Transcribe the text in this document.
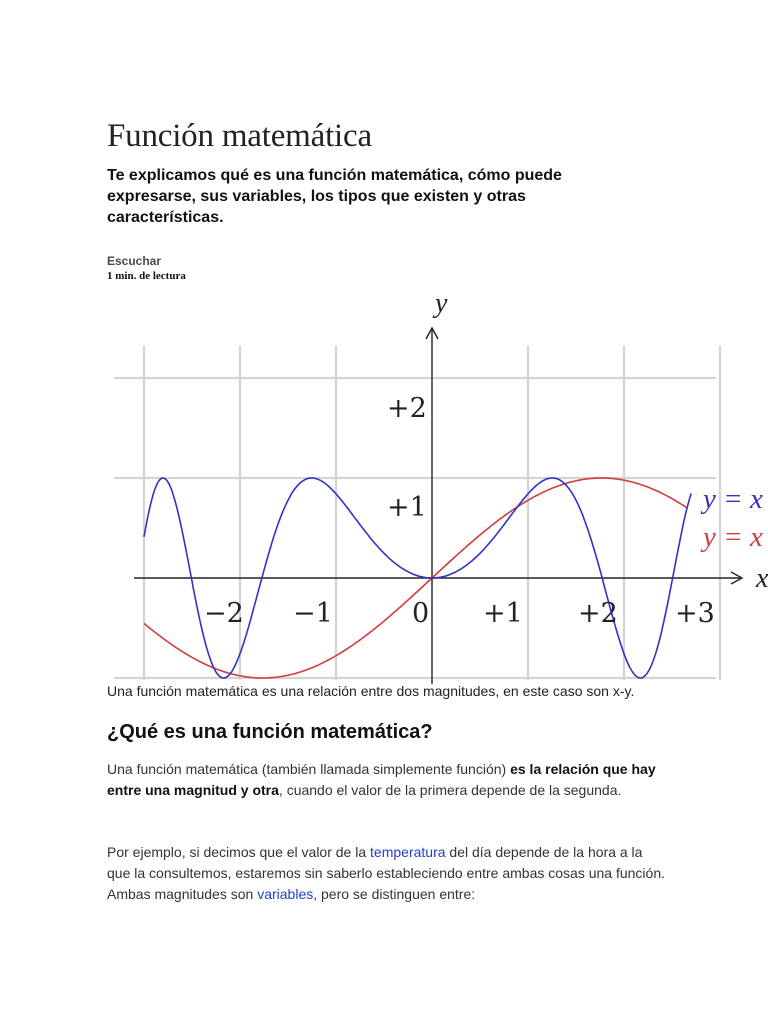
Función matemática

Te explicamos qué es una función matemática, cómo puede expresarse, sus variables, los tipos que existen y otras características.

Escuchar
1 min. de lectura
y
x
+2
+1
−2 −1	0 +1 +2 +3
y = x
y = x

Una función matemática es una relación entre dos magnitudes, en este caso son x-y.

¿Qué es una función matemática?

Una función matemática (también llamada simplemente función) es la relación que hay entre una magnitud y otra, cuando el valor de la primera depende de la segunda.

Por ejemplo, si decimos que el valor de la temperatura del día depende de la hora a la que la consultemos, estaremos sin saberlo estableciendo entre ambas cosas una función. Ambas magnitudes son variables, pero se distinguen entre:
